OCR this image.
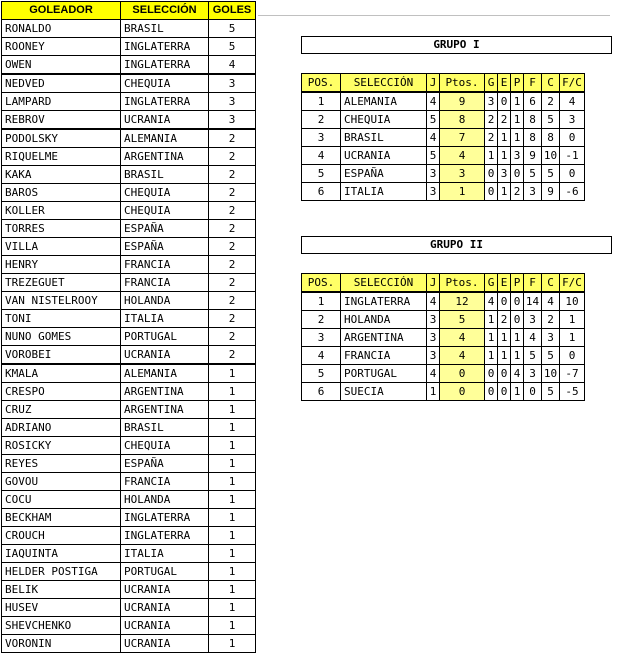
GOLEADOR	SELECCIÓN	GOLES
RONALDO	BRASIL	5
ROONEY	INGLATERRA	5
OWEN	INGLATERRA	4
NEDVED	CHEQUIA	3
LAMPARD	INGLATERRA	3
REBROV	UCRANIA	3
PODOLSKY	ALEMANIA	2
RIQUELME	ARGENTINA	2
KAKA	BRASIL	2
BAROS	CHEQUIA	2
KOLLER	CHEQUIA	2
TORRES	ESPAÑA	2
VILLA	ESPAÑA	2
HENRY	FRANCIA	2
TREZEGUET	FRANCIA	2
VAN NISTELROOY	HOLANDA	2
TONI	ITALIA	2
NUNO GOMES	PORTUGAL	2
VOROBEI	UCRANIA	2
KMALA	ALEMANIA	1
CRESPO	ARGENTINA	1
CRUZ	ARGENTINA	1
ADRIANO	BRASIL	1
ROSICKY	CHEQUIA	1
REYES	ESPAÑA	1
GOVOU	FRANCIA	1
COCU	HOLANDA	1
BECKHAM	INGLATERRA	1
CROUCH	INGLATERRA	1
IAQUINTA	ITALIA	1
HELDER POSTIGA	PORTUGAL	1
BELIK	UCRANIA	1
HUSEV	UCRANIA	1
SHEVCHENKO	UCRANIA	1
VORONIN	UCRANIA	1
GRUPO I
POS.	SELECCIÓN	J	Ptos.	G	E	P	F	C	F/C
1	ALEMANIA	4	9	3	0	1	6	2	4
2	CHEQUIA	5	8	2	2	1	8	5	3
3	BRASIL	4	7	2	1	1	8	8	0
4	UCRANIA	5	4	1	1	3	9	10	-1
5	ESPAÑA	3	3	0	3	0	5	5	0
6	ITALIA	3	1	0	1	2	3	9	-6
GRUPO II
POS.	SELECCIÓN	J	Ptos.	G	E	P	F	C	F/C
1	INGLATERRA	4	12	4	0	0	14	4	10
2	HOLANDA	3	5	1	2	0	3	2	1
3	ARGENTINA	3	4	1	1	1	4	3	1
4	FRANCIA	3	4	1	1	1	5	5	0
5	PORTUGAL	4	0	0	0	4	3	10	-7
6	SUECIA	1	0	0	0	1	0	5	-5
